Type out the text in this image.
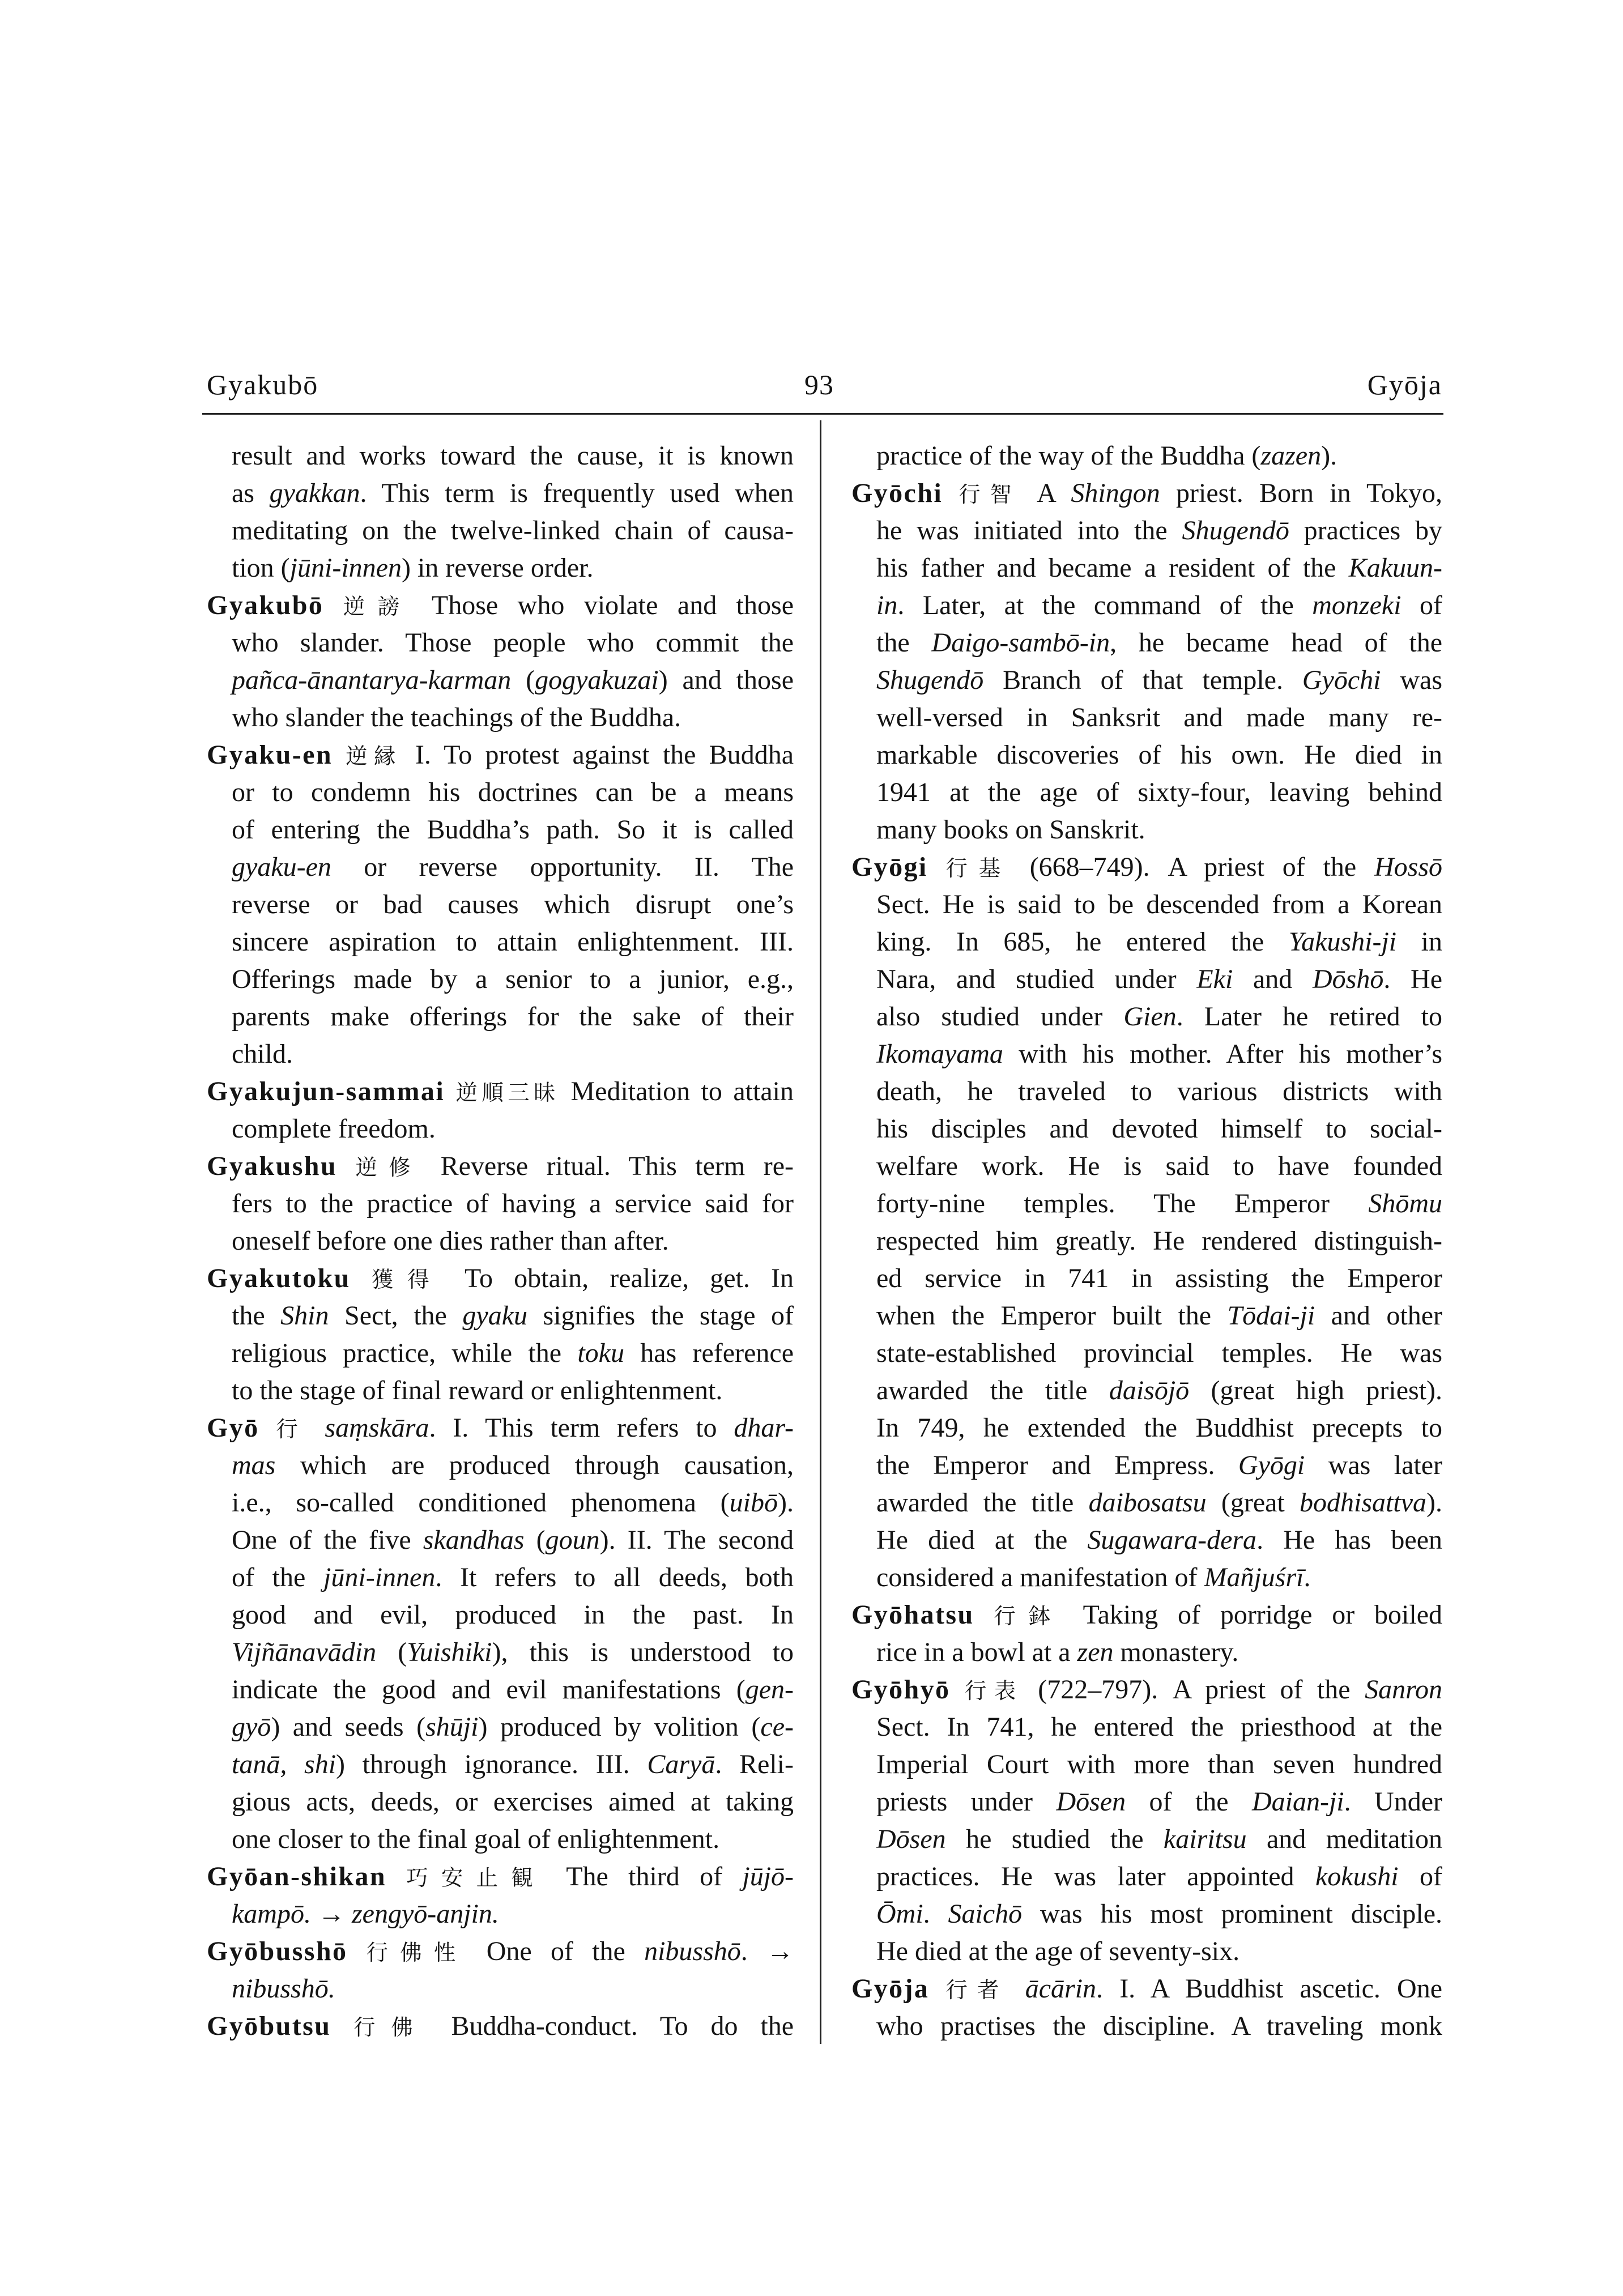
Gyakubō	93	Gyōja
result and works toward the cause, it is known
as gyakkan. This term is frequently used when
meditating on the twelve-linked chain of causa-
tion (jūni-innen) in reverse order.
Gyakubō 逆謗 Those who violate and those
who slander. Those people who commit the
pañca-ānantarya-karman (gogyakuzai) and those
who slander the teachings of the Buddha.
Gyaku-en 逆縁 I. To protest against the Buddha
or to condemn his doctrines can be a means
of entering the Buddha’s path. So it is called
gyaku-en or reverse opportunity. II. The
reverse or bad causes which disrupt one’s
sincere aspiration to attain enlightenment. III.
Offerings made by a senior to a junior, e.g.,
parents make offerings for the sake of their
child.
Gyakujun-sammai 逆順三昧 Meditation to attain
complete freedom.
Gyakushu 逆修 Reverse ritual. This term re-
fers to the practice of having a service said for
oneself before one dies rather than after.
Gyakutoku 獲得 To obtain, realize, get. In
the Shin Sect, the gyaku signifies the stage of
religious practice, while the toku has reference
to the stage of final reward or enlightenment.
Gyō 行 saṃskāra. I. This term refers to dhar-
mas which are produced through causation,
i.e., so-called conditioned phenomena (uibō).
One of the five skandhas (goun). II. The second
of the jūni-innen. It refers to all deeds, both
good and evil, produced in the past. In
Vijñānavādin (Yuishiki), this is understood to
indicate the good and evil manifestations (gen-
gyō) and seeds (shūji) produced by volition (ce-
tanā, shi) through ignorance. III. Caryā. Reli-
gious acts, deeds, or exercises aimed at taking
one closer to the final goal of enlightenment.
Gyōan-shikan 巧安止観 The third of jūjō-
kampō. → zengyō-anjin.
Gyōbusshō 行佛性 One of the nibusshō. →
nibusshō.
Gyōbutsu 行佛 Buddha-conduct. To do the
practice of the way of the Buddha (zazen).
Gyōchi 行智 A Shingon priest. Born in Tokyo,
he was initiated into the Shugendō practices by
his father and became a resident of the Kakuun-
in. Later, at the command of the monzeki of
the Daigo-sambō-in, he became head of the
Shugendō Branch of that temple. Gyōchi was
well-versed in Sanksrit and made many re-
markable discoveries of his own. He died in
1941 at the age of sixty-four, leaving behind
many books on Sanskrit.
Gyōgi 行基 (668–749). A priest of the Hossō
Sect. He is said to be descended from a Korean
king. In 685, he entered the Yakushi-ji in
Nara, and studied under Eki and Dōshō. He
also studied under Gien. Later he retired to
Ikomayama with his mother. After his mother’s
death, he traveled to various districts with
his disciples and devoted himself to social-
welfare work. He is said to have founded
forty-nine temples. The Emperor Shōmu
respected him greatly. He rendered distinguish-
ed service in 741 in assisting the Emperor
when the Emperor built the Tōdai-ji and other
state-established provincial temples. He was
awarded the title daisōjō (great high priest).
In 749, he extended the Buddhist precepts to
the Emperor and Empress. Gyōgi was later
awarded the title daibosatsu (great bodhisattva).
He died at the Sugawara-dera. He has been
considered a manifestation of Mañjuśrī.
Gyōhatsu 行鉢 Taking of porridge or boiled
rice in a bowl at a zen monastery.
Gyōhyō 行表 (722–797). A priest of the Sanron
Sect. In 741, he entered the priesthood at the
Imperial Court with more than seven hundred
priests under Dōsen of the Daian-ji. Under
Dōsen he studied the kairitsu and meditation
practices. He was later appointed kokushi of
Ōmi. Saichō was his most prominent disciple.
He died at the age of seventy-six.
Gyōja 行者 ācārin. I. A Buddhist ascetic. One
who practises the discipline. A traveling monk
